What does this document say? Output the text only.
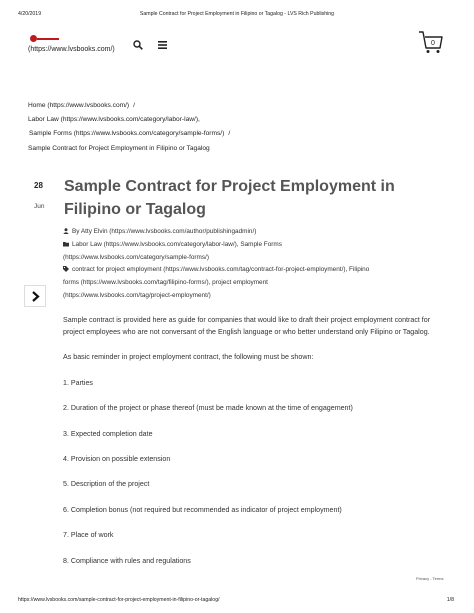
4/20/2019	Sample Contract for Project Employment in Filipino or Tagalog - LVS Rich Publishing
(https://www.lvsbooks.com/)
0
Home (https://www.lvsbooks.com/) /
Labor Law (https://www.lvsbooks.com/category/labor-law/),
Sample Forms (https://www.lvsbooks.com/category/sample-forms/) /
Sample Contract for Project Employment in Filipino or Tagalog
28
Jun
Sample Contract for Project Employment in Filipino or Tagalog
By Atty Elvin (https://www.lvsbooks.com/author/publishingadmin/)
Labor Law (https://www.lvsbooks.com/category/labor-law/), Sample Forms
(https://www.lvsbooks.com/category/sample-forms/)
contract for project employment (https://www.lvsbooks.com/tag/contract-for-project-employment/), Filipino
forms (https://www.lvsbooks.com/tag/filipino-forms/), project employment
(https://www.lvsbooks.com/tag/project-employment/)

Sample contract is provided here as guide for companies that would like to draft their project employment contract for project employees who are not conversant of the English language or who better understand only Filipino or Tagalog.

As basic reminder in project employment contract, the following must be shown:

1. Parties

2. Duration of the project or phase thereof (must be made known at the time of engagement)

3. Expected completion date

4. Provision on possible extension

5. Description of the project

6. Completion bonus (not required but recommended as indicator of project employment)

7. Place of work

8. Compliance with rules and regulations

Privacy - Terms
https://www.lvsbooks.com/sample-contract-for-project-employment-in-filipino-or-tagalog/	1/8
